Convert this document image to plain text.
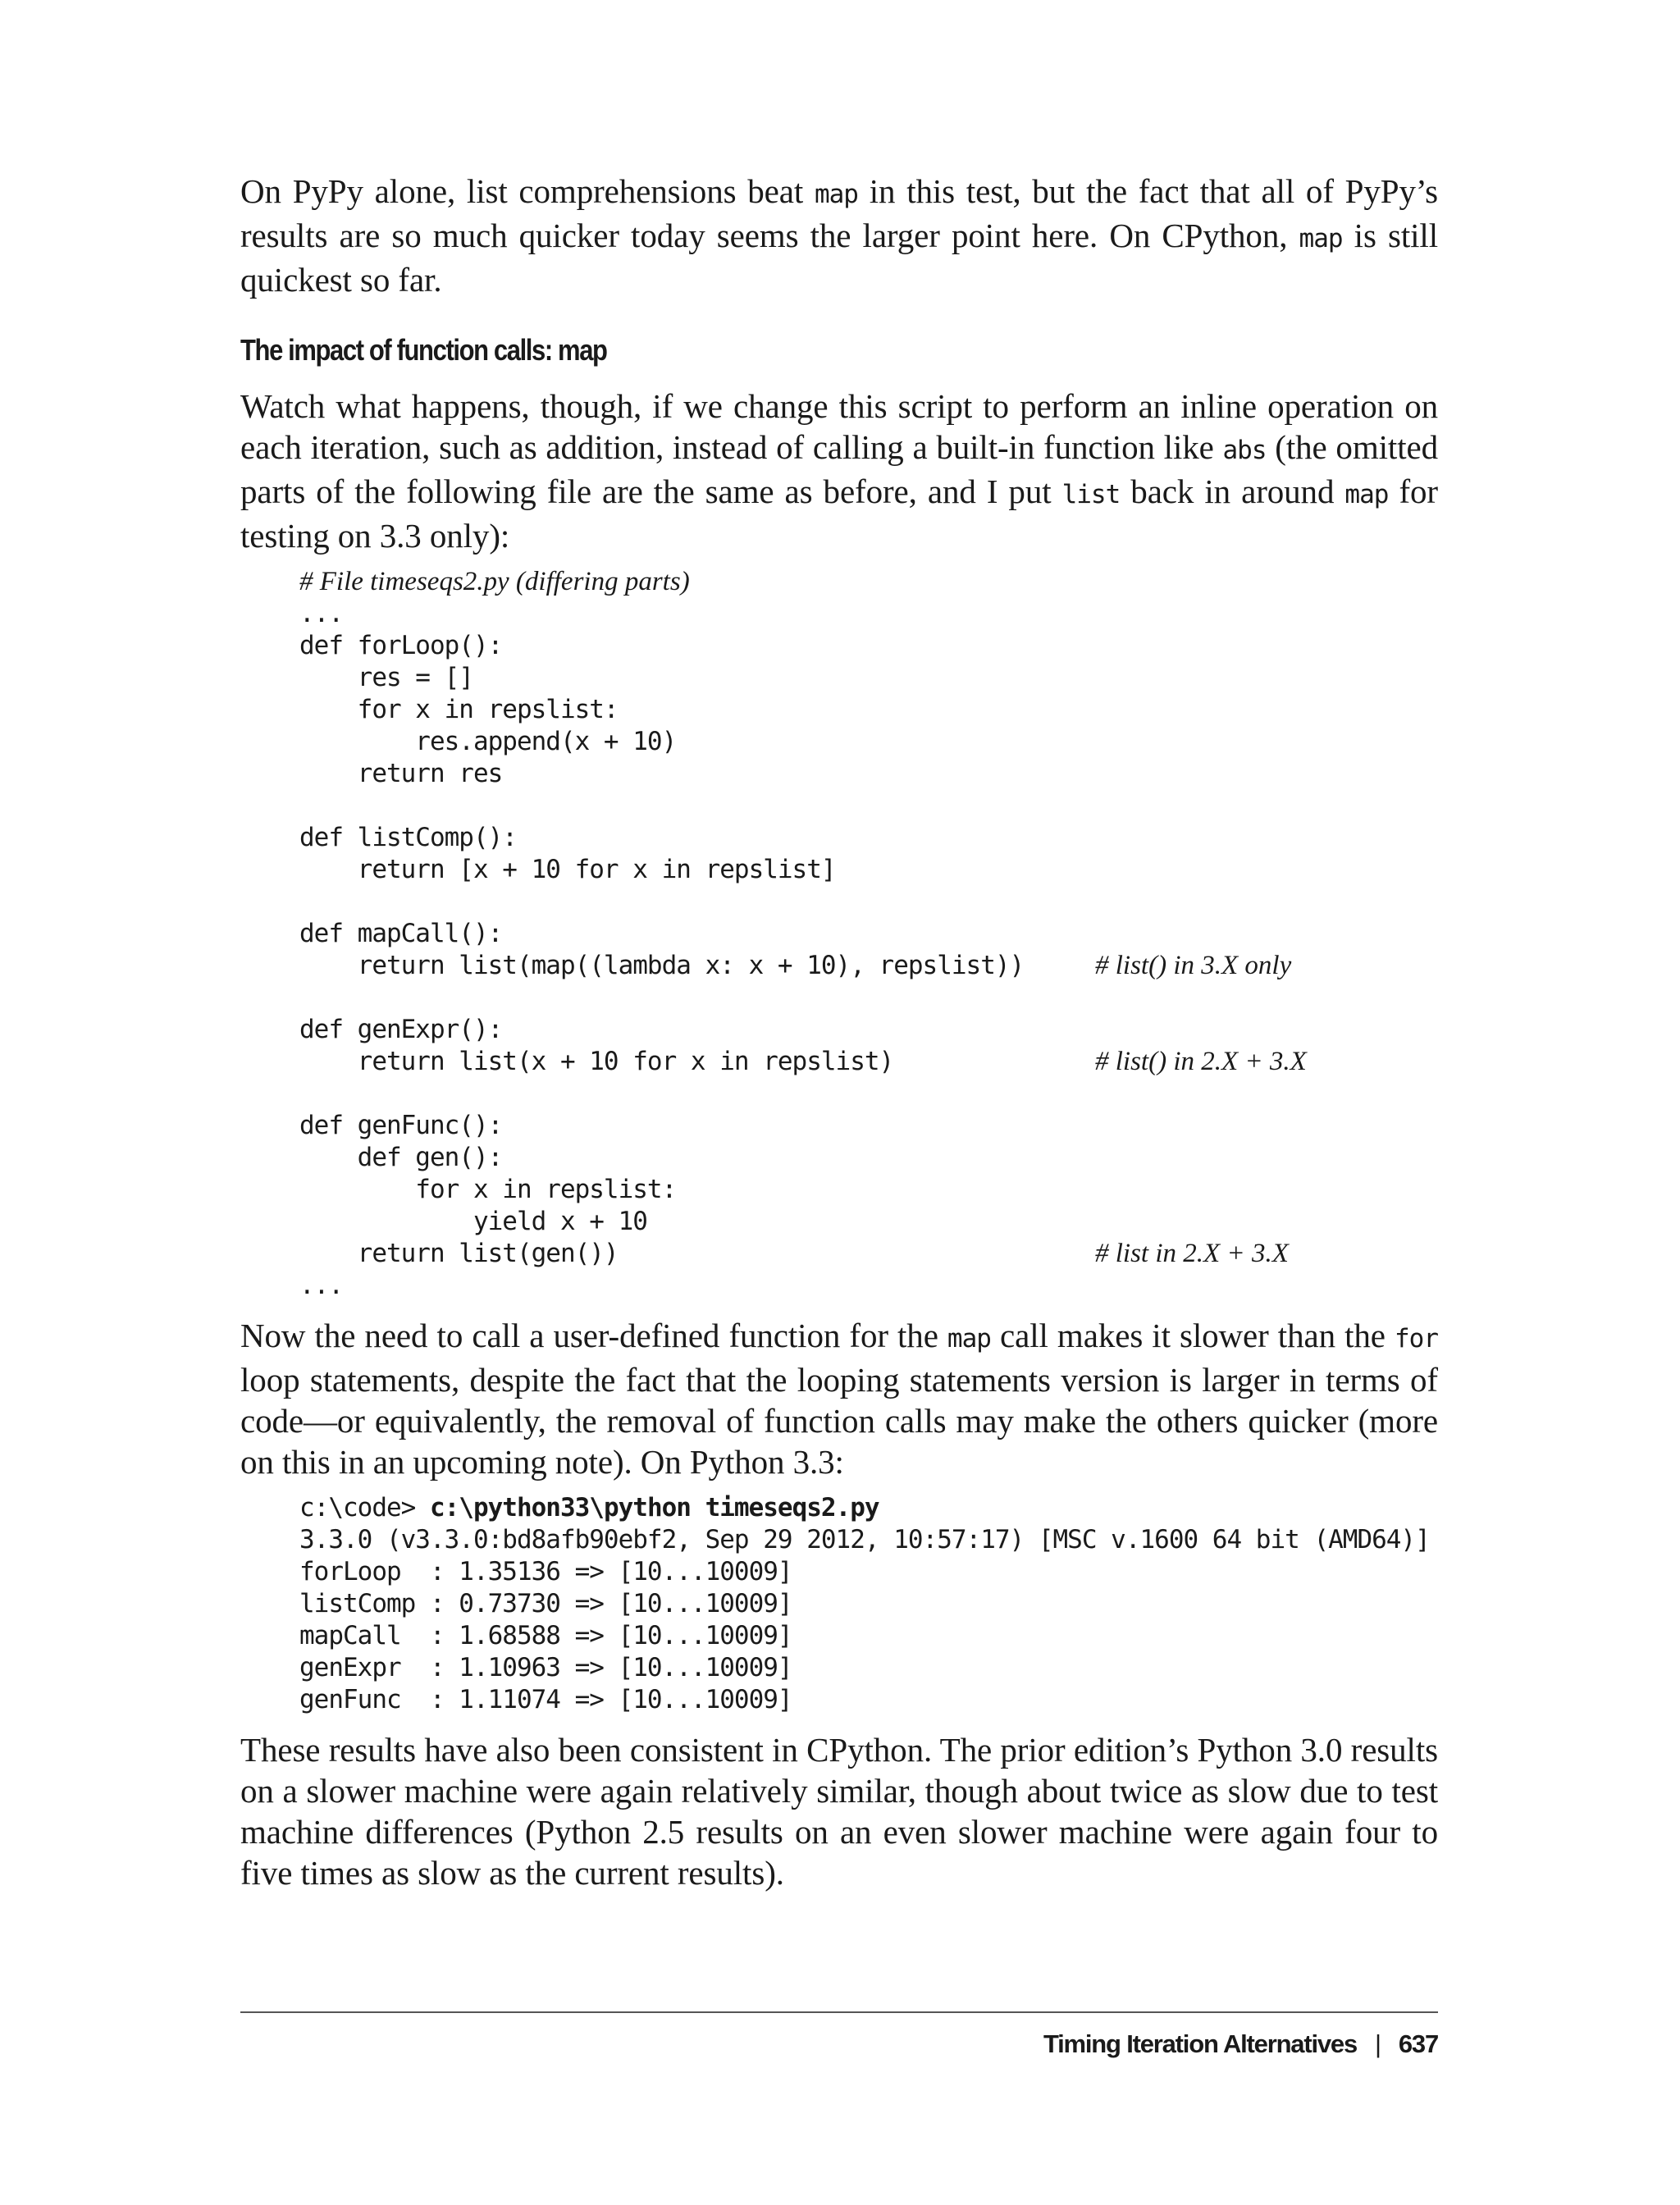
On PyPy alone, list comprehensions beat map in this test, but the fact that all of PyPy’s results are so much quicker today seems the larger point here. On CPython, map is still quickest so far.

The impact of function calls: map

Watch what happens, though, if we change this script to perform an inline operation on each iteration, such as addition, instead of calling a built-in function like abs (the omitted parts of the following file are the same as before, and I put list back in around map for testing on 3.3 only):

# File timeseqs2.py (differing parts)
...
def forLoop():
res = []
for x in repslist:
res.append(x + 10)
return res
def listComp():
return [x + 10 for x in repslist]
def mapCall():
return list(map((lambda x: x + 10), repslist))	# list() in 3.X only
def genExpr():
return list(x + 10 for x in repslist)	# list() in 2.X + 3.X
def genFunc():
def gen():
for x in repslist:
yield x + 10
return list(gen())	# list in 2.X + 3.X
...

Now the need to call a user-defined function for the map call makes it slower than the for loop statements, despite the fact that the looping statements version is larger in terms of code—or equivalently, the removal of function calls may make the others quicker (more on this in an upcoming note). On Python 3.3:

c:\code> c:\python33\python timeseqs2.py
3.3.0 (v3.3.0:bd8afb90ebf2, Sep 29 2012, 10:57:17) [MSC v.1600 64 bit (AMD64)]
forLoop  : 1.35136 => [10...10009]
listComp : 0.73730 => [10...10009]
mapCall  : 1.68588 => [10...10009]
genExpr  : 1.10963 => [10...10009]
genFunc  : 1.11074 => [10...10009]

These results have also been consistent in CPython. The prior edition’s Python 3.0 results on a slower machine were again relatively similar, though about twice as slow due to test machine differences (Python 2.5 results on an even slower machine were again four to five times as slow as the current results).

Timing Iteration Alternatives | 637
